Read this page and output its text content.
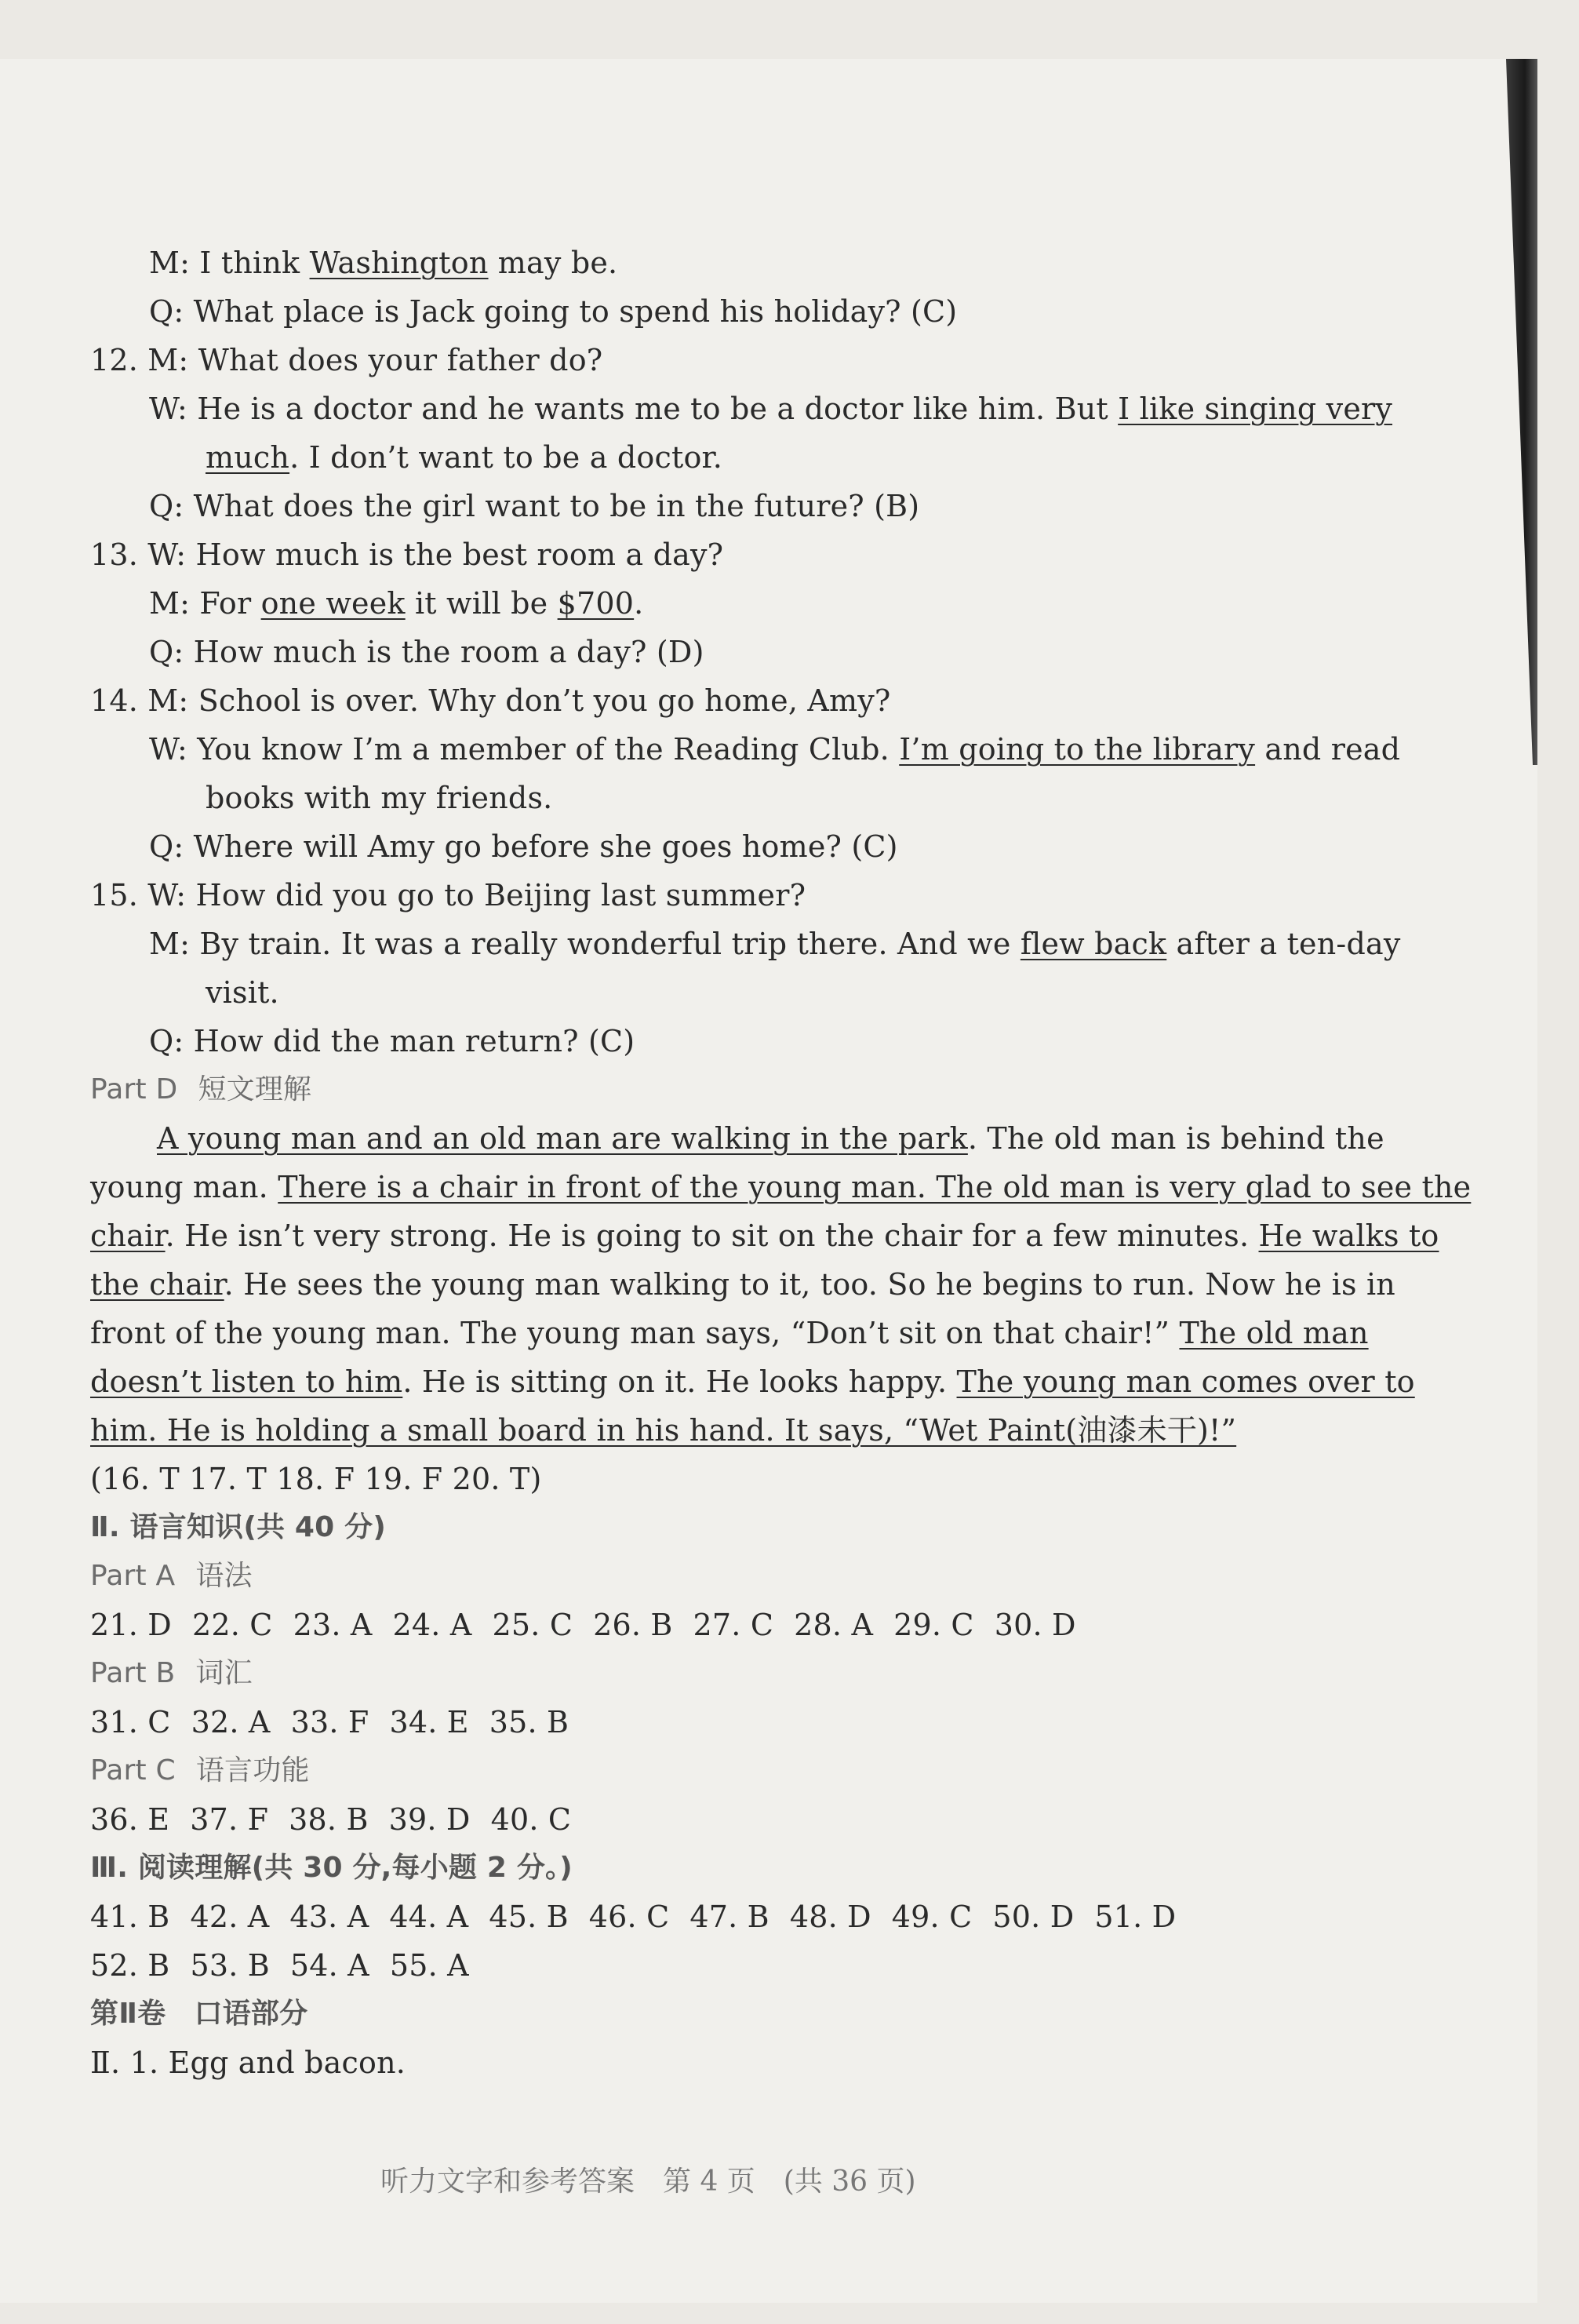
M: I think Washington may be.
Q: What place is Jack going to spend his holiday? (C)
12. M: What does your father do?
W: He is a doctor and he wants me to be a doctor like him. But I like singing very
much. I don’t want to be a doctor.
Q: What does the girl want to be in the future? (B)
13. W: How much is the best room a day?
M: For one week it will be $700.
Q: How much is the room a day? (D)
14. M: School is over. Why don’t you go home, Amy?
W: You know I’m a member of the Reading Club. I’m going to the library and read
books with my friends.
Q: Where will Amy go before she goes home? (C)
15. W: How did you go to Beijing last summer?
M: By train. It was a really wonderful trip there. And we flew back after a ten-day
visit.
Q: How did the man return? (C)
Part D 短文理解
A young man and an old man are walking in the park. The old man is behind the
young man. There is a chair in front of the young man. The old man is very glad to see the
chair. He isn’t very strong. He is going to sit on the chair for a few minutes. He walks to
the chair. He sees the young man walking to it, too. So he begins to run. Now he is in
front of the young man. The young man says, “Don’t sit on that chair!” The old man
doesn’t listen to him. He is sitting on it. He looks happy. The young man comes over to
him. He is holding a small board in his hand. It says, “Wet Paint(油漆未干)!”
(16. T 17. T 18. F 19. F 20. T)
Ⅱ. 语言知识(共 40 分)
Part A 语法
21. D 22. C 23. A 24. A 25. C 26. B 27. C 28. A 29. C 30. D
Part B 词汇
31. C 32. A 33. F 34. E 35. B
Part C 语言功能
36. E 37. F 38. B 39. D 40. C
Ⅲ. 阅读理解(共 30 分,每小题 2 分。)
41. B 42. A 43. A 44. A 45. B 46. C 47. B 48. D 49. C 50. D 51. D
52. B 53. B 54. A 55. A
第Ⅱ卷　口语部分
Ⅱ. 1. Egg and bacon.
听力文字和参考答案　第 4 页　(共 36 页)
